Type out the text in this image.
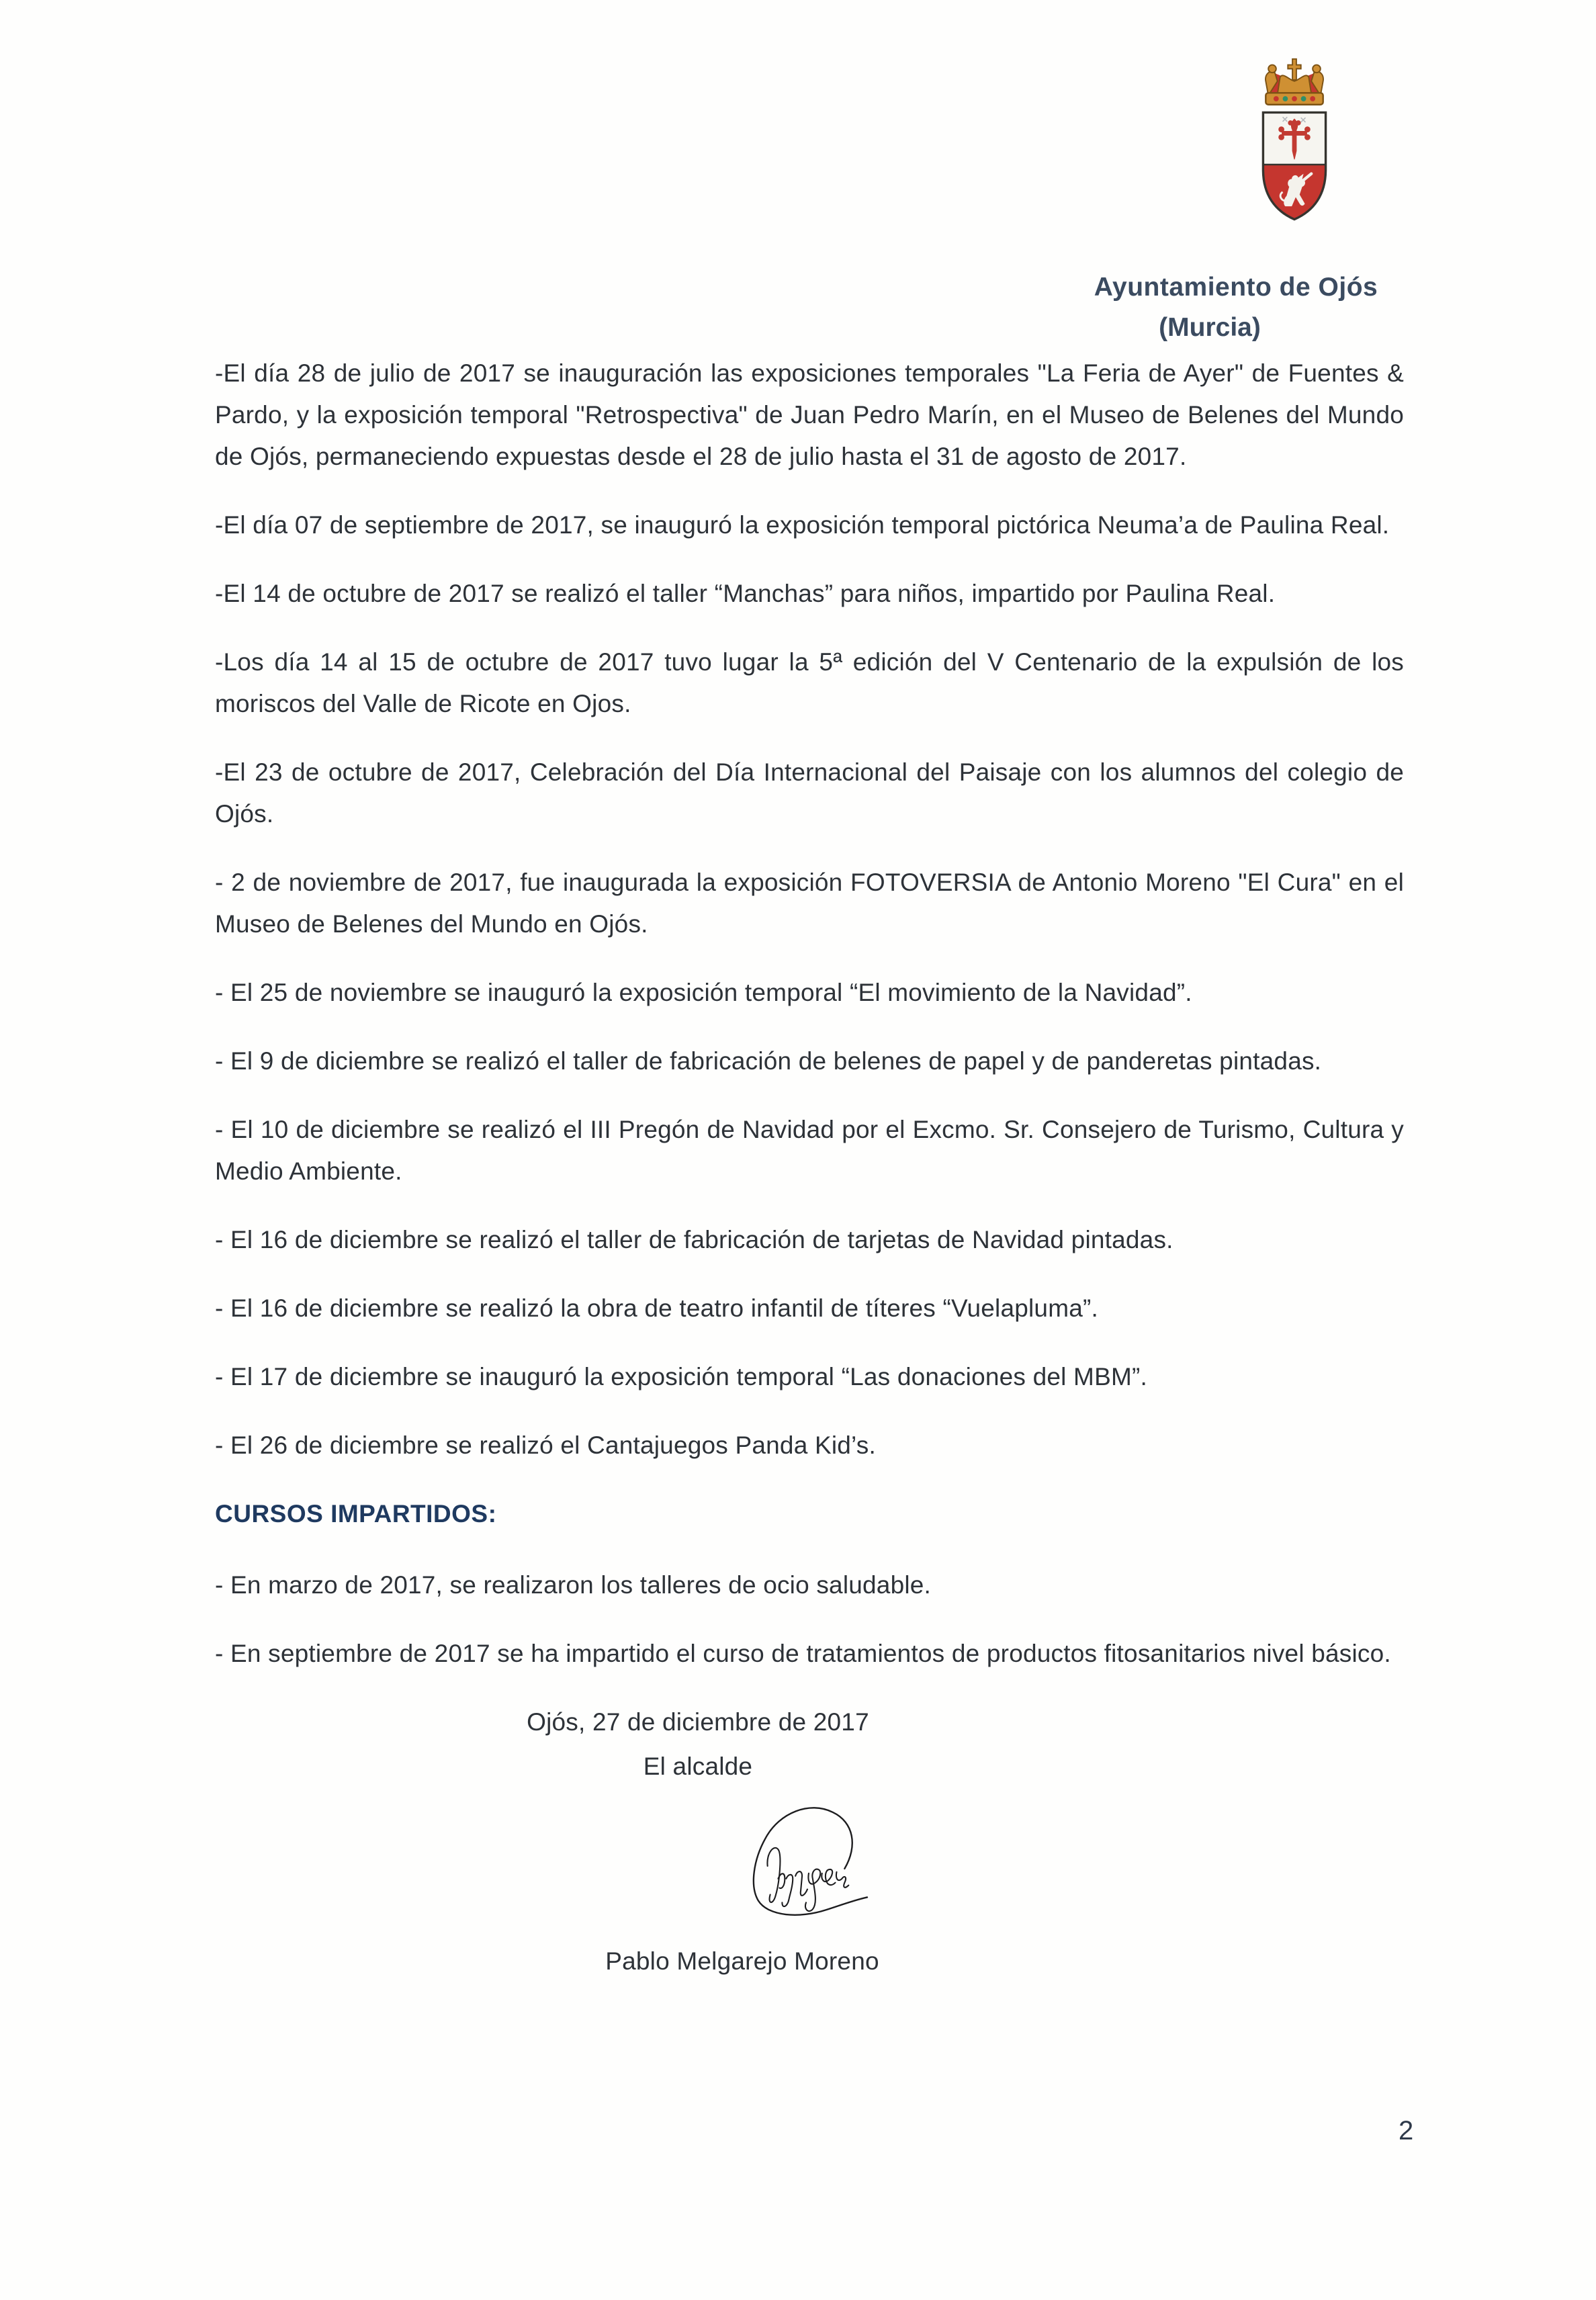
Ayuntamiento de Ojós
(Murcia)

-El día 28 de julio de 2017 se inauguración las exposiciones temporales "La Feria de Ayer" de Fuentes & Pardo, y la exposición temporal "Retrospectiva" de Juan Pedro Marín, en el Museo de Belenes del Mundo de Ojós, permaneciendo expuestas desde el 28 de julio hasta el 31 de agosto de 2017.

-El día 07 de septiembre de 2017, se inauguró la exposición temporal pictórica Neuma’a de Paulina Real.

-El 14 de octubre de 2017 se realizó el taller “Manchas” para niños, impartido por Paulina Real.

-Los día 14 al 15 de octubre de 2017 tuvo lugar la 5ª edición del V Centenario de la expulsión de los moriscos del Valle de Ricote en Ojos.

-El 23 de octubre de 2017, Celebración del Día Internacional del Paisaje con los alumnos del colegio de Ojós.

- 2 de noviembre de 2017, fue inaugurada la exposición FOTOVERSIA de Antonio Moreno "El Cura" en el Museo de Belenes del Mundo en Ojós.

- El 25 de noviembre se inauguró la exposición temporal “El movimiento de la Navidad”.

- El 9 de diciembre se realizó el taller de fabricación de belenes de papel y de panderetas pintadas.

- El 10 de diciembre se realizó el III Pregón de Navidad por el Excmo. Sr. Consejero de Turismo, Cultura y Medio Ambiente.

- El 16 de diciembre se realizó el taller de fabricación de tarjetas de Navidad pintadas.

- El 16 de diciembre se realizó la obra de teatro infantil de títeres “Vuelapluma”.

- El 17 de diciembre se inauguró la exposición temporal “Las donaciones del MBM”.

- El 26 de diciembre se realizó el Cantajuegos Panda Kid’s.

CURSOS IMPARTIDOS:

- En marzo de 2017, se realizaron los talleres de ocio saludable.

- En septiembre de 2017 se ha impartido el curso de tratamientos de productos fitosanitarios nivel básico.

Ojós, 27 de diciembre de 2017

El alcalde

Pablo Melgarejo Moreno

2
